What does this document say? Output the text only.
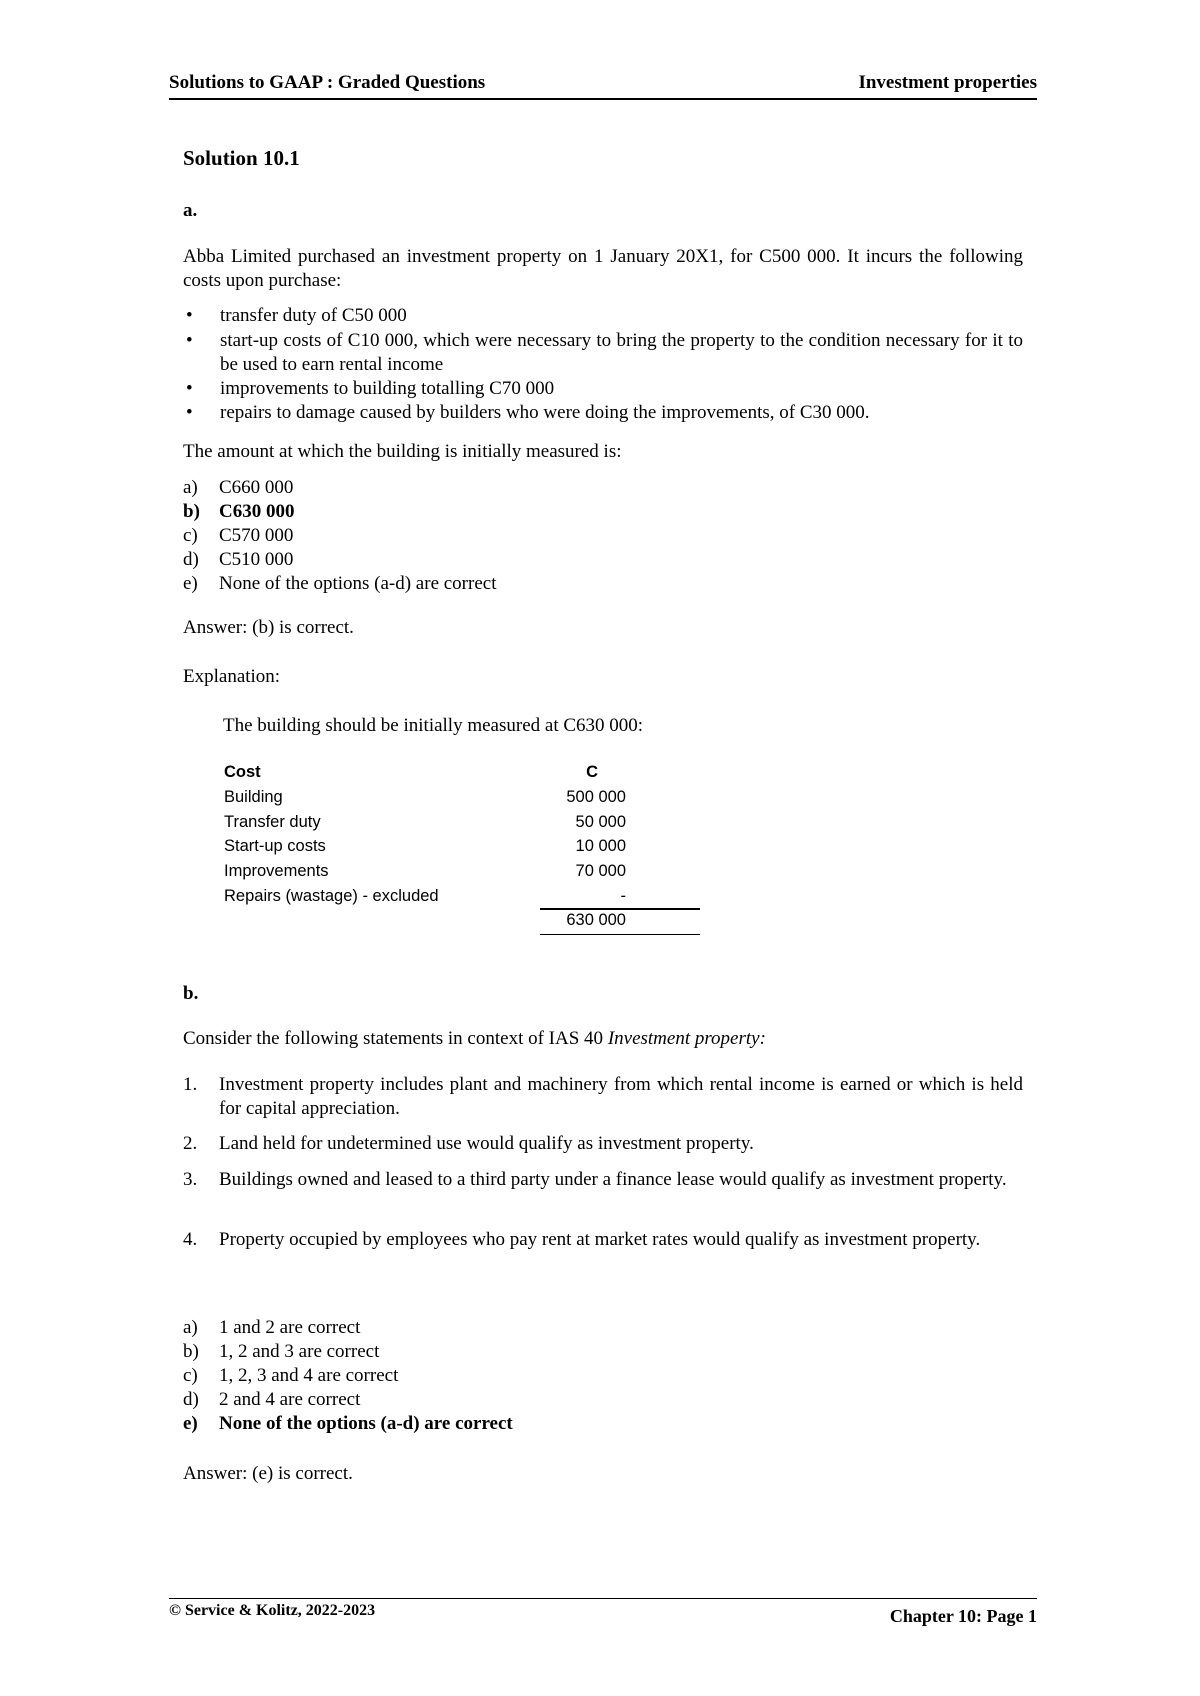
Solutions to GAAP : Graded Questions	Investment properties
Solution 10.1
a.
Abba Limited purchased an investment property on 1 January 20X1, for C500 000. It incurs the following costs upon purchase:
• transfer duty of C50 000
• start-up costs of C10 000, which were necessary to bring the property to the condition necessary for it to be used to earn rental income
• improvements to building totalling C70 000
• repairs to damage caused by builders who were doing the improvements, of C30 000.
The amount at which the building is initially measured is:
a) C660 000
b) C630 000
c) C570 000
d) C510 000
e) None of the options (a-d) are correct
Answer: (b) is correct.
Explanation:
The building should be initially measured at C630 000:
Cost	C
Building	500 000
Transfer duty	50 000
Start-up costs	10 000
Improvements	70 000
Repairs (wastage) - excluded	-
630 000
b.
Consider the following statements in context of IAS 40 Investment property:
1. Investment property includes plant and machinery from which rental income is earned or which is held for capital appreciation.
2. Land held for undetermined use would qualify as investment property.
3. Buildings owned and leased to a third party under a finance lease would qualify as investment property.
4. Property occupied by employees who pay rent at market rates would qualify as investment property.
a) 1 and 2 are correct
b) 1, 2 and 3 are correct
c) 1, 2, 3 and 4 are correct
d) 2 and 4 are correct
e) None of the options (a-d) are correct
Answer: (e) is correct.
© Service & Kolitz, 2022-2023	Chapter 10: Page 1
